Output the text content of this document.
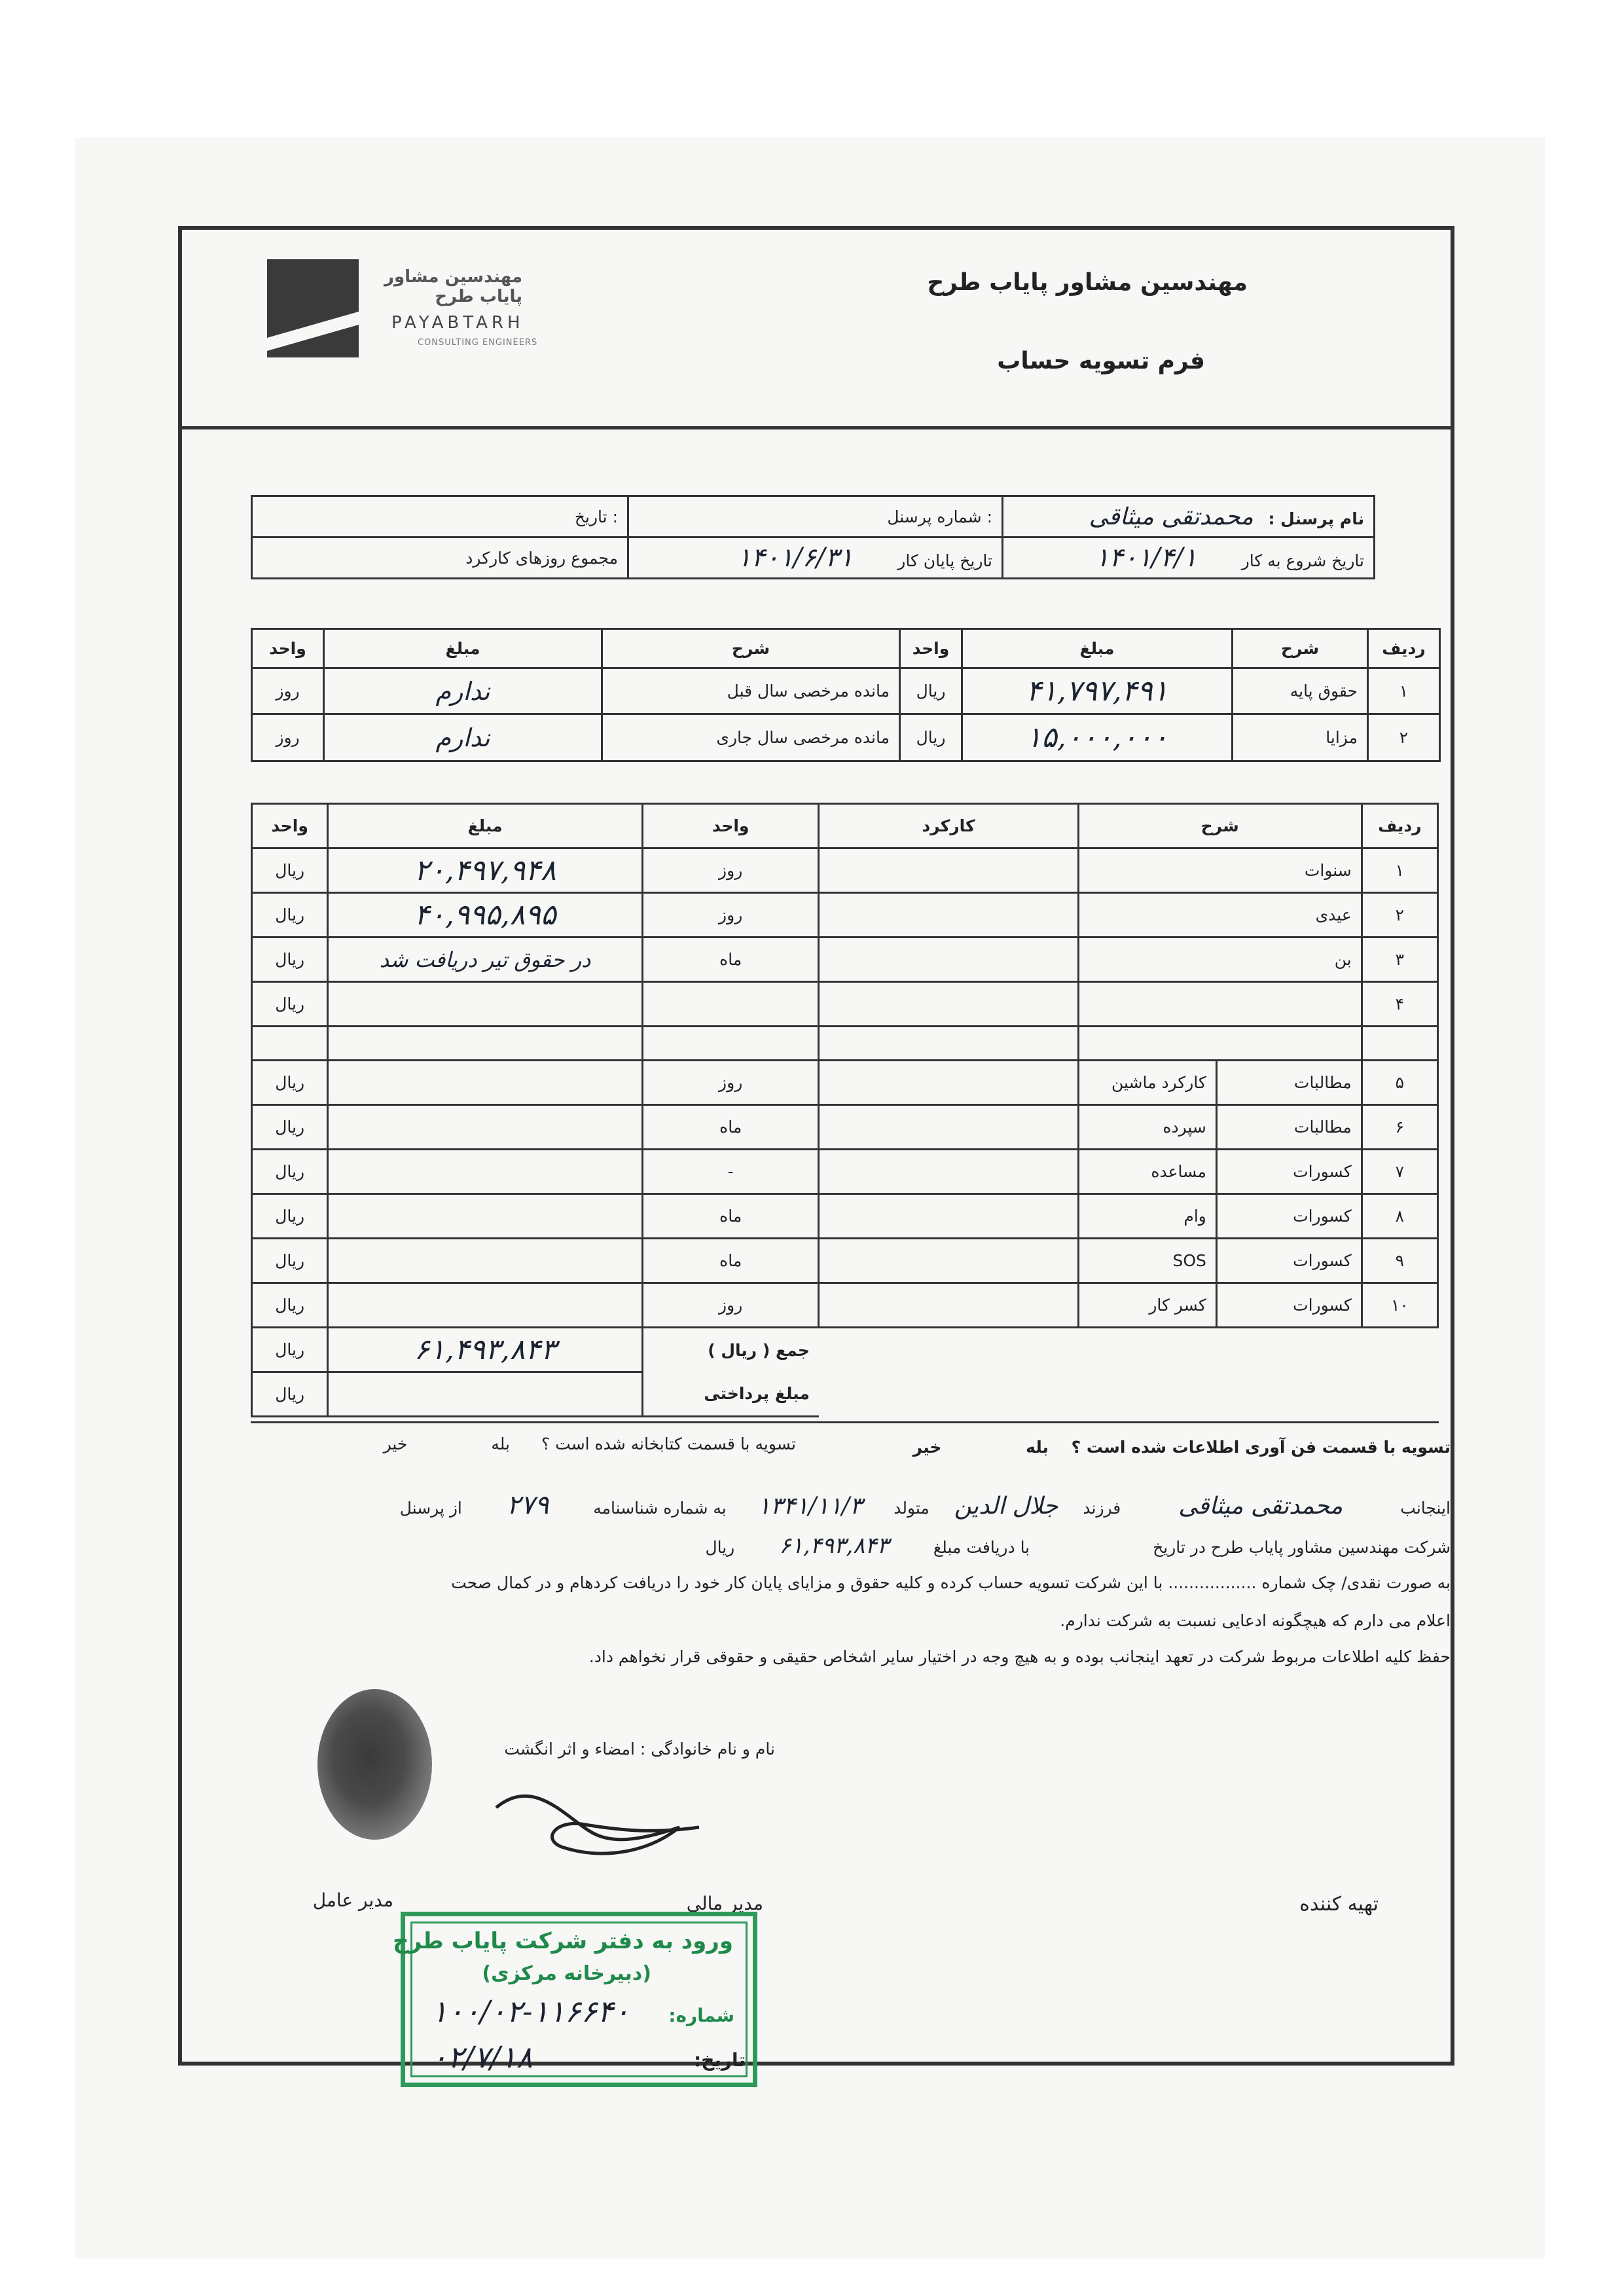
مهندسین مشاور پایاب طرح
فرم تسویه حساب
مهندسین مشاور پایاب طرح
PAYABTARH
CONSULTING ENGINEERS
تاریخ :	شماره پرسنل :	نام پرسنل : محمدتقی میثاقی
مجموع روزهای کارکرد	تاریخ پایان کار ۱۴۰۱/۶/۳۱	تاریخ شروع به کار ۱۴۰۱/۴/۱
واحد	مبلغ	شرح	واحد	مبلغ	شرح	ردیف
روز	ندارم	مانده مرخصی سال قبل	ریال	۴۱,۷۹۷,۴۹۱	حقوق پایه	۱
روز	ندارم	مانده مرخصی سال جاری	ریال	۱۵,۰۰۰,۰۰۰	مزایا	۲
واحد	مبلغ	واحد	کارکرد	شرح		ردیف
ریال	۲۰,۴۹۷,۹۴۸	روز		سنوات		۱
ریال	۴۰,۹۹۵,۸۹۵	روز		عیدی		۲
ریال	در حقوق تیر دریافت شد	ماه		بن		۳
ریال						۴

ریال		روز		کارکرد ماشین	مطالبات	۵
ریال		ماه		سپرده	مطالبات	۶
ریال		-		مساعده	کسورات	۷
ریال		ماه		وام	کسورات	۸
ریال		ماه		SOS	کسورات	۹
ریال		روز		کسر کار	کسورات	۱۰
ریال	۶۱,۴۹۳,۸۴۳	جمع ( ریال )				
ریال		مبلغ پرداختی				
تسویه با قسمت فن آوری اطلاعات شده است ؟ بله خیر
تسویه با قسمت کتابخانه شده است ؟ بله خیر
اینجانب محمدتقی میثاقی فرزند جلال الدین متولد ۱۳۴۱/۱۱/۳ به شماره شناسنامه ۲۷۹ از پرسنل
شرکت مهندسین مشاور پایاب طرح در تاریخ با دریافت مبلغ ۶۱,۴۹۳,۸۴۳ ریال
به صورت نقدی/ چک شماره ................. با این شرکت تسویه حساب کرده و کلیه حقوق و مزایای پایان کار خود را دریافت کردهام و در کمال صحت
اعلام می دارم که هیچگونه ادعایی نسبت به شرکت ندارم.
حفظ کلیه اطلاعات مربوط شرکت در تعهد اینجانب بوده و به هیچ وجه در اختیار سایر اشخاص حقیقی و حقوقی قرار نخواهم داد.
نام و نام خانوادگی : امضاء و اثر انگشت
تهیه کننده
مدیر مالی
مدیر عامل
ورود به دفتر شرکت پایاب طرح
(دبیرخانه مرکزی)
شماره:
۱۰۰/۰۲-۱۱۶۶۴۰
۰۲/۷/۱۸	تاریخ:
